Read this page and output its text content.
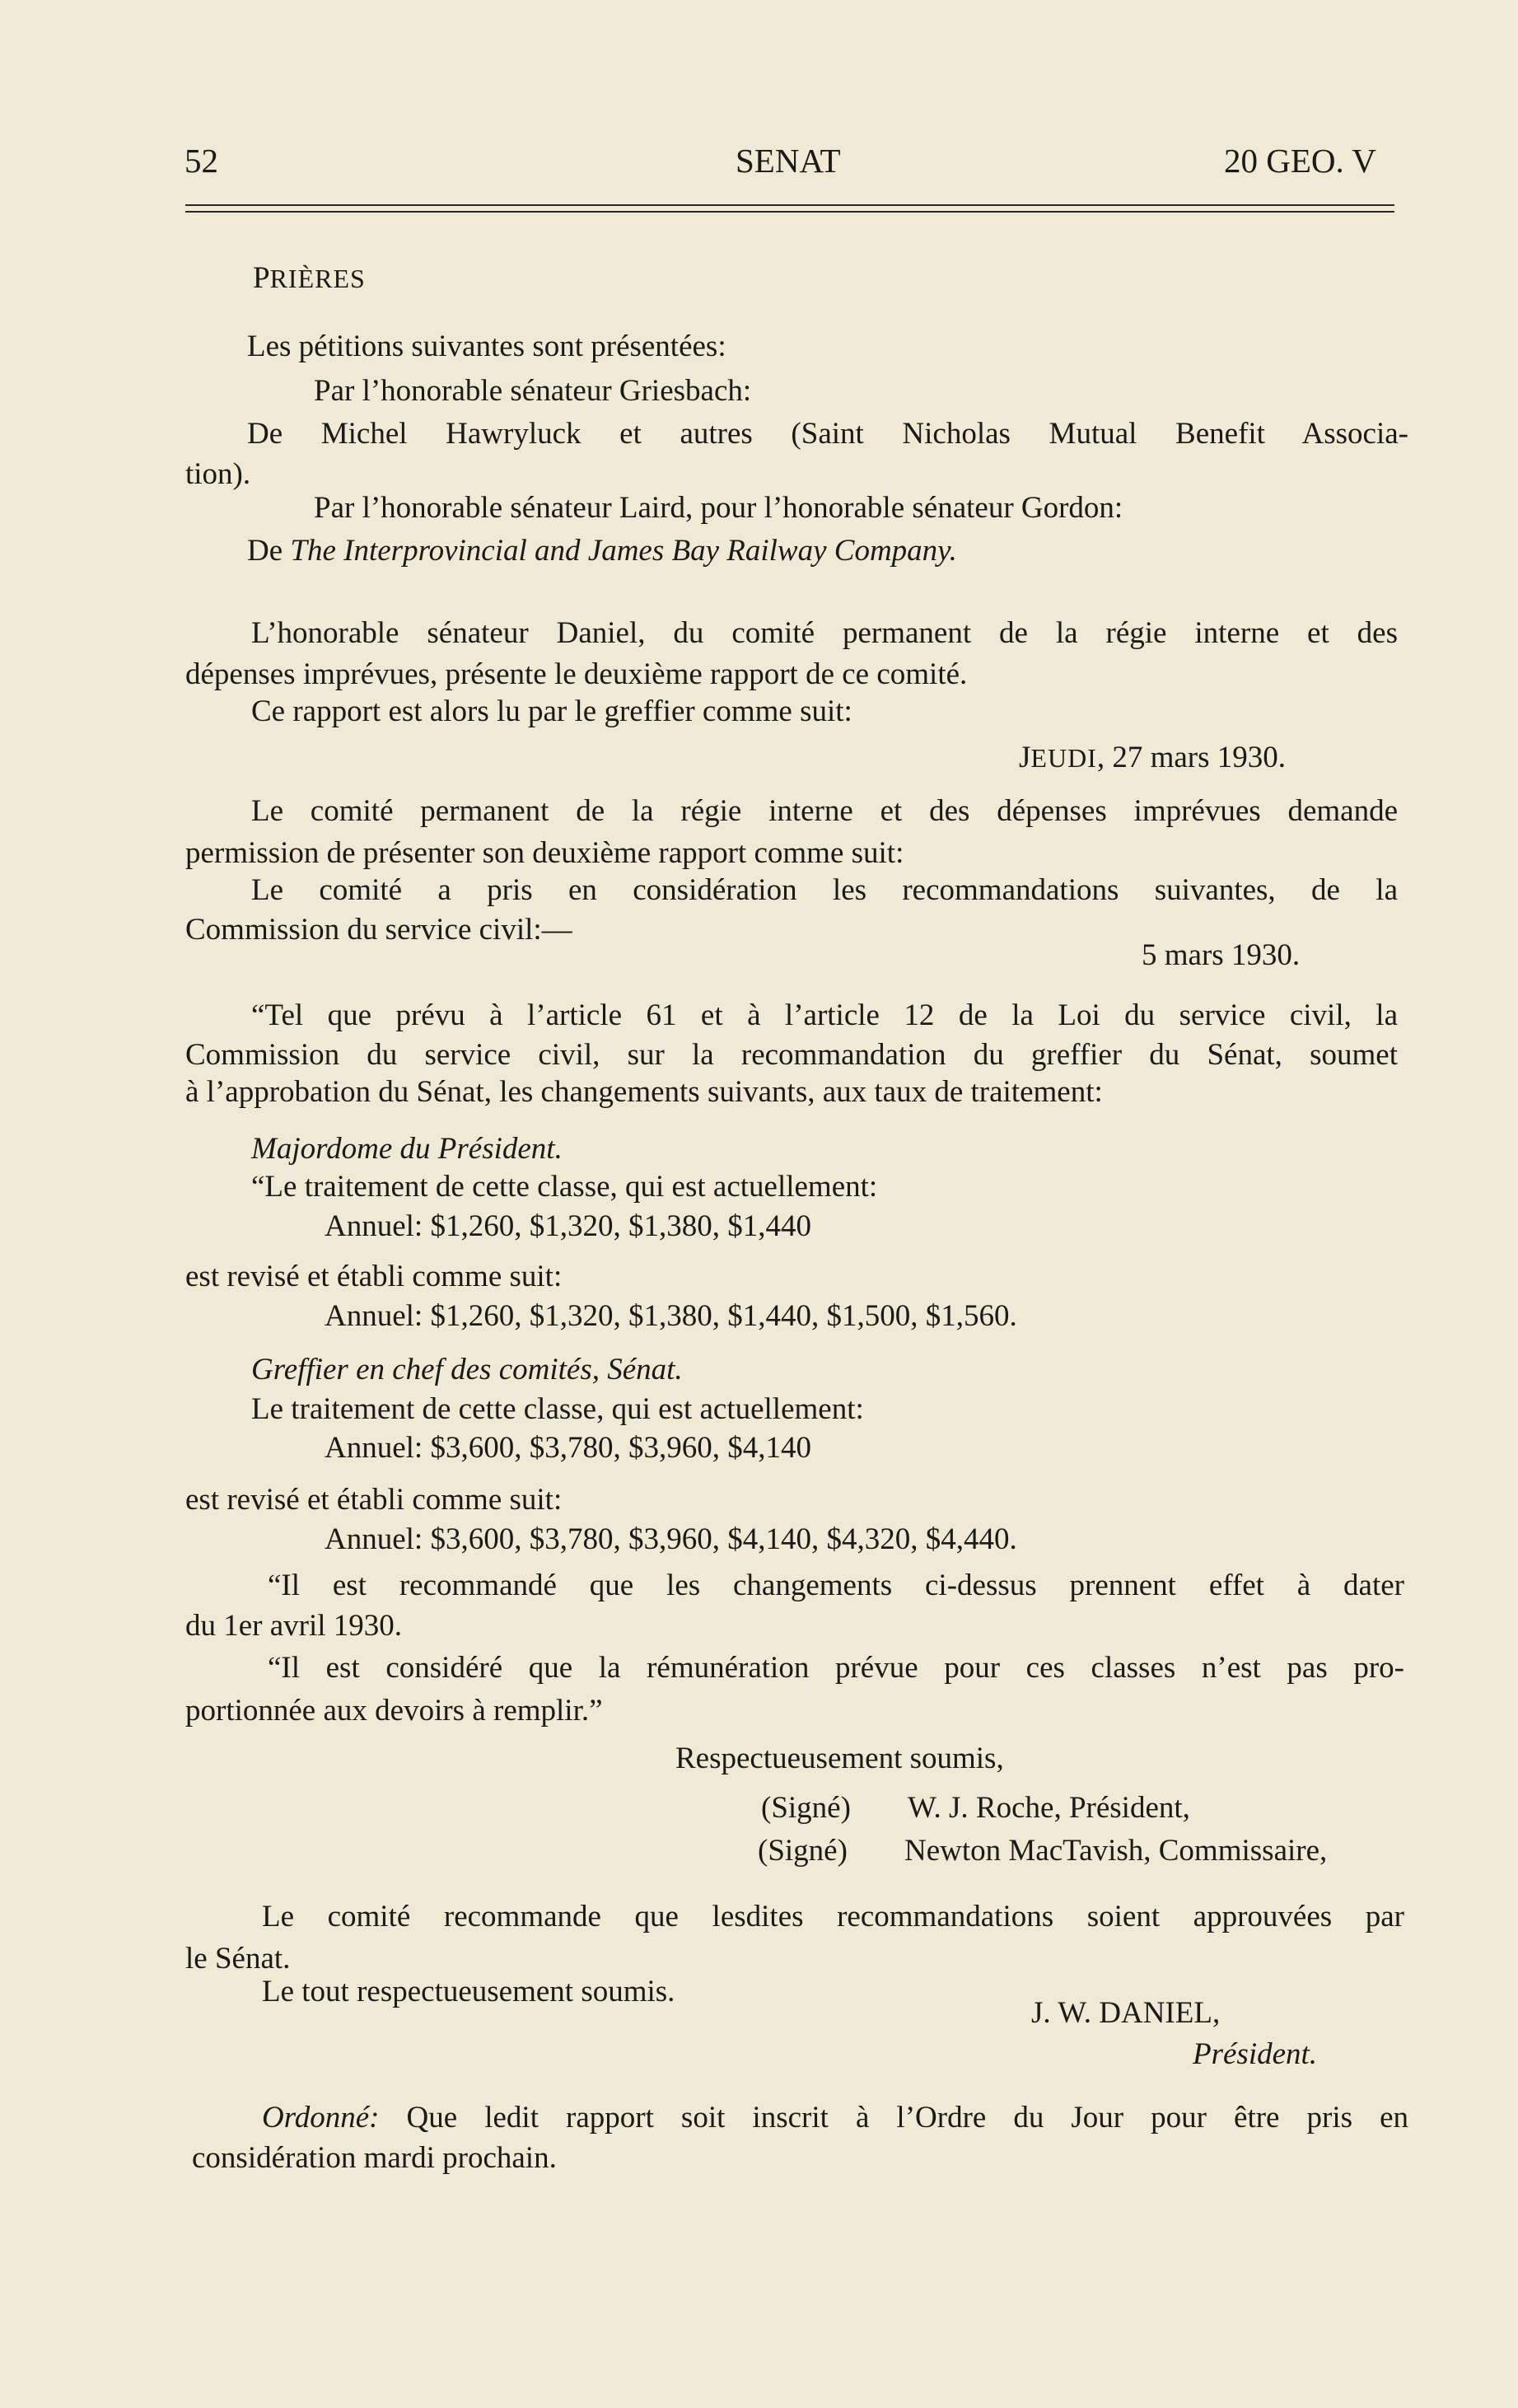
52	SENAT	20 GEO. V
PRIÈRES
Les pétitions suivantes sont présentées:
Par l’honorable sénateur Griesbach:
De Michel Hawryluck et autres (Saint Nicholas Mutual Benefit Associa-
tion).
Par l’honorable sénateur Laird, pour l’honorable sénateur Gordon:
De The Interprovincial and James Bay Railway Company.
L’honorable sénateur Daniel, du comité permanent de la régie interne et des
dépenses imprévues, présente le deuxième rapport de ce comité.
Ce rapport est alors lu par le greffier comme suit:
JEUDI, 27 mars 1930.
Le comité permanent de la régie interne et des dépenses imprévues demande
permission de présenter son deuxième rapport comme suit:
Le comité a pris en considération les recommandations suivantes, de la
Commission du service civil:—
5 mars 1930.
“Tel que prévu à l’article 61 et à l’article 12 de la Loi du service civil, la
Commission du service civil, sur la recommandation du greffier du Sénat, soumet
à l’approbation du Sénat, les changements suivants, aux taux de traitement:
Majordome du Président.
“Le traitement de cette classe, qui est actuellement:
Annuel: $1,260, $1,320, $1,380, $1,440
est revisé et établi comme suit:
Annuel: $1,260, $1,320, $1,380, $1,440, $1,500, $1,560.
Greffier en chef des comités, Sénat.
Le traitement de cette classe, qui est actuellement:
Annuel: $3,600, $3,780, $3,960, $4,140
est revisé et établi comme suit:
Annuel: $3,600, $3,780, $3,960, $4,140, $4,320, $4,440.
“Il est recommandé que les changements ci-dessus prennent effet à dater
du 1er avril 1930.
“Il est considéré que la rémunération prévue pour ces classes n’est pas pro-
portionnée aux devoirs à remplir.”
Respectueusement soumis,
(Signé) W. J. Roche, Président,
(Signé) Newton MacTavish, Commissaire,
Le comité recommande que lesdites recommandations soient approuvées par
le Sénat.
Le tout respectueusement soumis.
J. W. DANIEL,
Président.
Ordonné: Que ledit rapport soit inscrit à l’Ordre du Jour pour être pris en
considération mardi prochain.
